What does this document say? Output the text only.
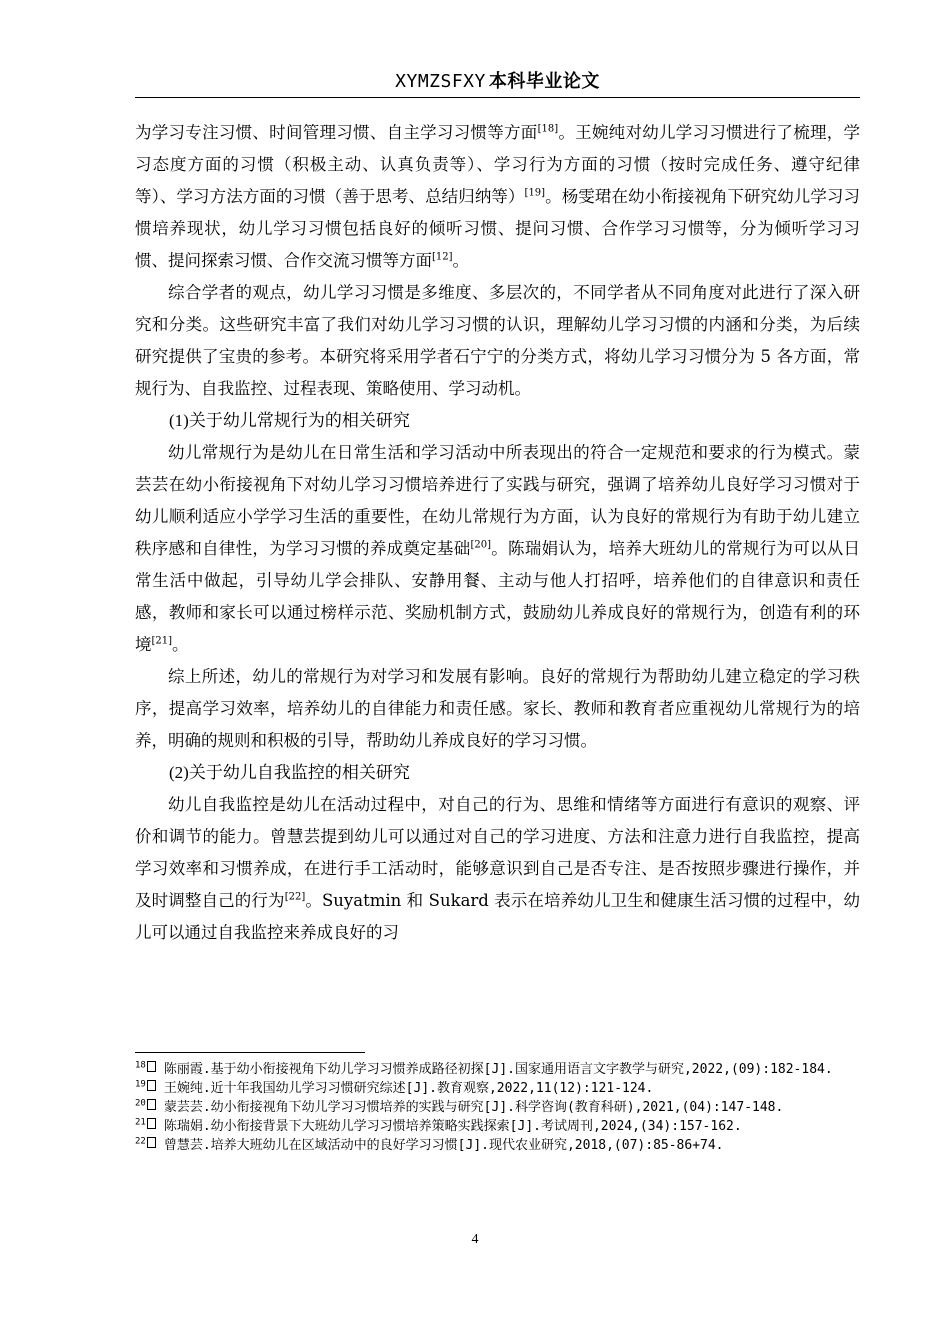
XYMZSFXY 本科毕业论文

为学习专注习惯、时间管理习惯、自主学习习惯等方面[18]。王婉纯对幼儿学习习惯进行了梳理，学习态度方面的习惯（积极主动、认真负责等）、学习行为方面的习惯（按时完成任务、遵守纪律等）、学习方法方面的习惯（善于思考、总结归纳等）[19]。杨雯珺在幼小衔接视角下研究幼儿学习习惯培养现状，幼儿学习习惯包括良好的倾听习惯、提问习惯、合作学习习惯等，分为倾听学习习惯、提问探索习惯、合作交流习惯等方面[12]。

综合学者的观点，幼儿学习习惯是多维度、多层次的，不同学者从不同角度对此进行了深入研究和分类。这些研究丰富了我们对幼儿学习习惯的认识，理解幼儿学习习惯的内涵和分类，为后续研究提供了宝贵的参考。本研究将采用学者石宁宁的分类方式，将幼儿学习习惯分为 5 各方面，常规行为、自我监控、过程表现、策略使用、学习动机。

(1)关于幼儿常规行为的相关研究

幼儿常规行为是幼儿在日常生活和学习活动中所表现出的符合一定规范和要求的行为模式。蒙芸芸在幼小衔接视角下对幼儿学习习惯培养进行了实践与研究，强调了培养幼儿良好学习习惯对于幼儿顺利适应小学学习生活的重要性，在幼儿常规行为方面，认为良好的常规行为有助于幼儿建立秩序感和自律性，为学习习惯的养成奠定基础[20]。陈瑞娟认为，培养大班幼儿的常规行为可以从日常生活中做起，引导幼儿学会排队、安静用餐、主动与他人打招呼，培养他们的自律意识和责任感，教师和家长可以通过榜样示范、奖励机制方式，鼓励幼儿养成良好的常规行为，创造有利的环境[21]。

综上所述，幼儿的常规行为对学习和发展有影响。良好的常规行为帮助幼儿建立稳定的学习秩序，提高学习效率，培养幼儿的自律能力和责任感。家长、教师和教育者应重视幼儿常规行为的培养，明确的规则和积极的引导，帮助幼儿养成良好的学习习惯。

(2)关于幼儿自我监控的相关研究

幼儿自我监控是幼儿在活动过程中，对自己的行为、思维和情绪等方面进行有意识的观察、评价和调节的能力。曾慧芸提到幼儿可以通过对自己的学习进度、方法和注意力进行自我监控，提高学习效率和习惯养成，在进行手工活动时，能够意识到自己是否专注、是否按照步骤进行操作，并及时调整自己的行为[22]。Suyatmin 和 Sukard 表示在培养幼儿卫生和健康生活习惯的过程中，幼儿可以通过自我监控来养成良好的习

$^{18}$ 陈丽霞.基于幼小衔接视角下幼儿学习习惯养成路径初探[J].国家通用语言文字教学与研究,2022,(09):182-184.
$^{19}$ 王婉纯.近十年我国幼儿学习习惯研究综述[J].教育观察,2022,11(12):121-124.
$^{20}$ 蒙芸芸.幼小衔接视角下幼儿学习习惯培养的实践与研究[J].科学咨询(教育科研),2021,(04):147-148.
$^{21}$ 陈瑞娟.幼小衔接背景下大班幼儿学习习惯培养策略实践探索[J].考试周刊,2024,(34):157-162.
$^{22}$ 曾慧芸.培养大班幼儿在区域活动中的良好学习习惯[J].现代农业研究,2018,(07):85-86+74.
4
